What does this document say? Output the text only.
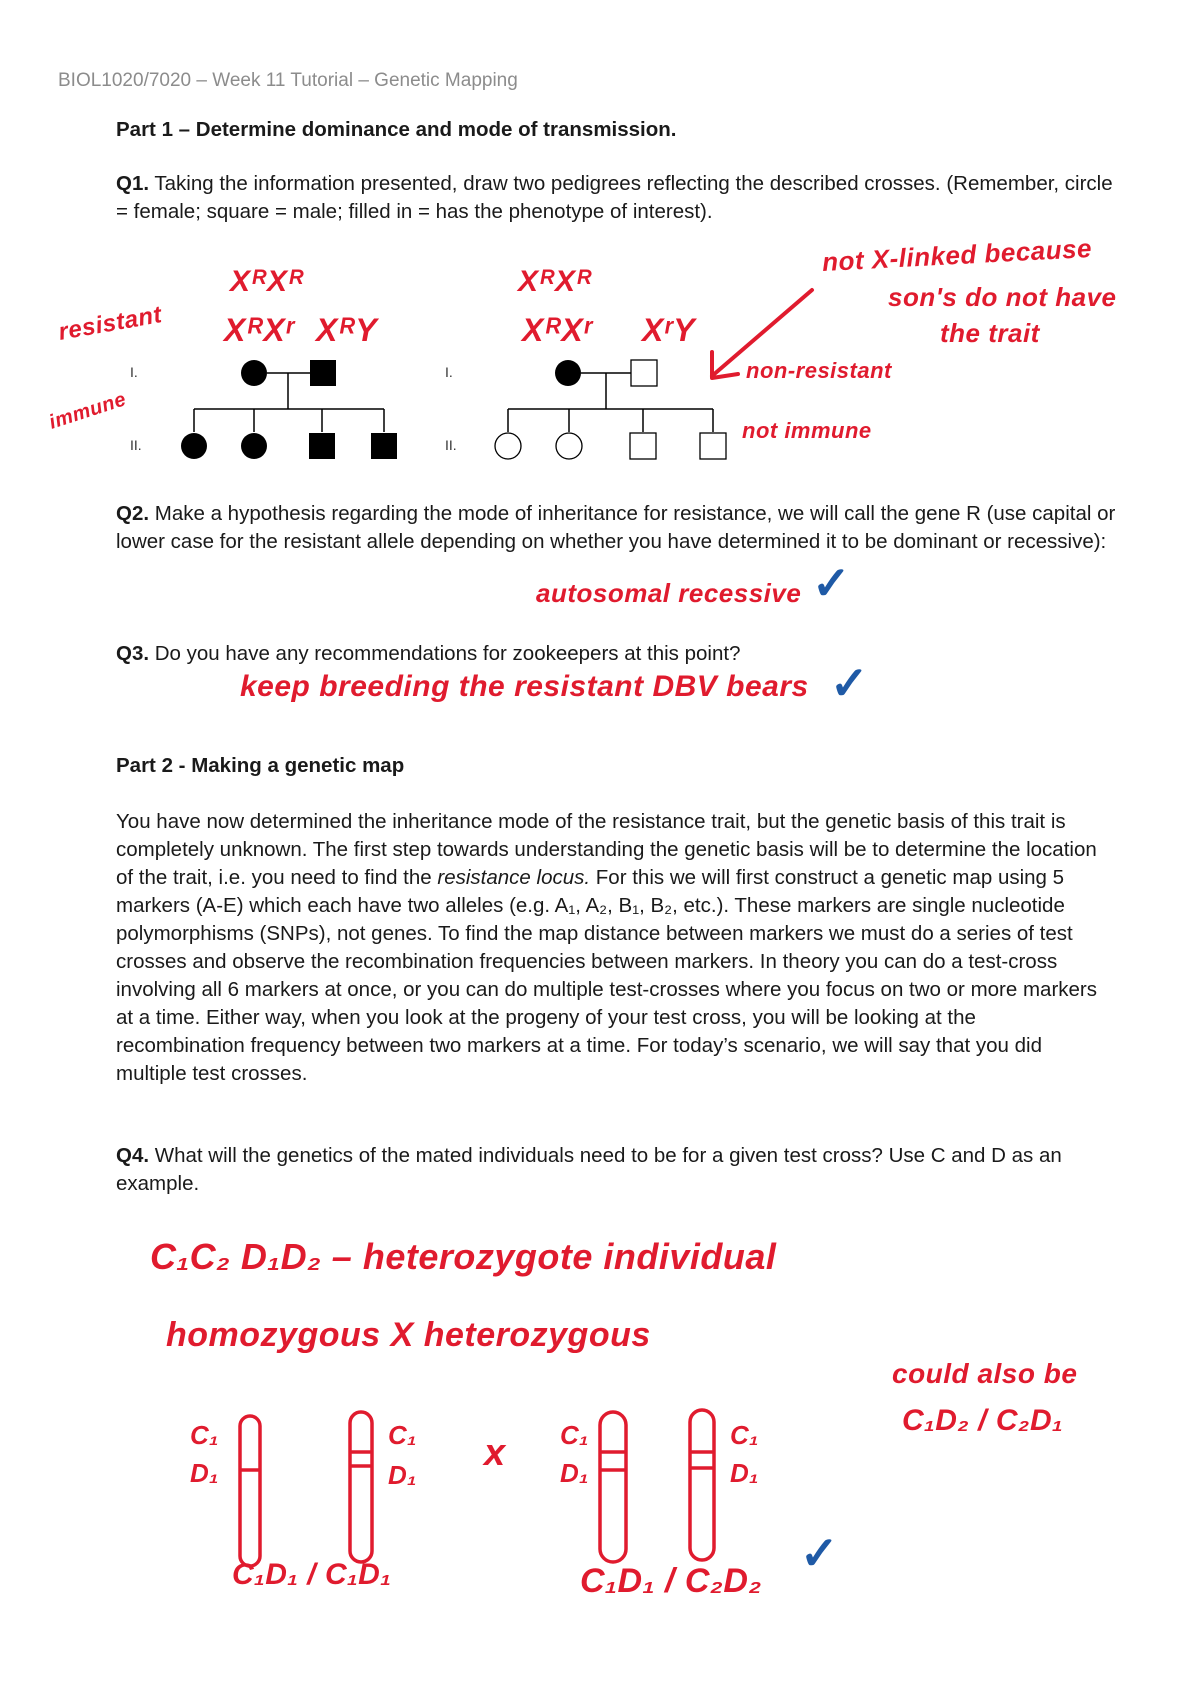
BIOL1020/7020 – Week 11 Tutorial – Genetic Mapping
Part 1 – Determine dominance and mode of transmission.
Q1. Taking the information presented, draw two pedigrees reflecting the described crosses. (Remember, circle = female; square = male; filled in = has the phenotype of interest).
I.
II.
I.
II.
resistant
immune
XᴿXᴿ
XᴿXʳ XᴿY
XᴿXᴿ
XᴿXʳ XʳY
not X-linked because
son's do not have
the trait
non-resistant
not immune
Q2. Make a hypothesis regarding the mode of inheritance for resistance, we will call the gene R (use capital or lower case for the resistant allele depending on whether you have determined it to be dominant or recessive):
autosomal recessive ✓
Q3. Do you have any recommendations for zookeepers at this point?
keep breeding the resistant DBV bears ✓
Part 2 - Making a genetic map
You have now determined the inheritance mode of the resistance trait, but the genetic basis of this trait is completely unknown. The first step towards understanding the genetic basis will be to determine the location of the trait, i.e. you need to find the resistance locus. For this we will first construct a genetic map using 5 markers (A-E) which each have two alleles (e.g. A₁, A₂, B₁, B₂, etc.). These markers are single nucleotide polymorphisms (SNPs), not genes. To find the map distance between markers we must do a series of test crosses and observe the recombination frequencies between markers. In theory you can do a test-cross involving all 6 markers at once, or you can do multiple test-crosses where you focus on two or more markers at a time. Either way, when you look at the progeny of your test cross, you will be looking at the recombination frequency between two markers at a time. For today’s scenario, we will say that you did multiple test crosses.
Q4. What will the genetics of the mated individuals need to be for a given test cross? Use C and D as an example.
C₁C₂ D₁D₂ – heterozygote individual
homozygous X heterozygous
could also be
C₁D₂ / C₂D₁
C₁
D₁
C₁
D₁
x C₁
D₁
C₁
D₁
C₁D₁ / C₁D₁	C₁D₁ / C₂D₂
✓
